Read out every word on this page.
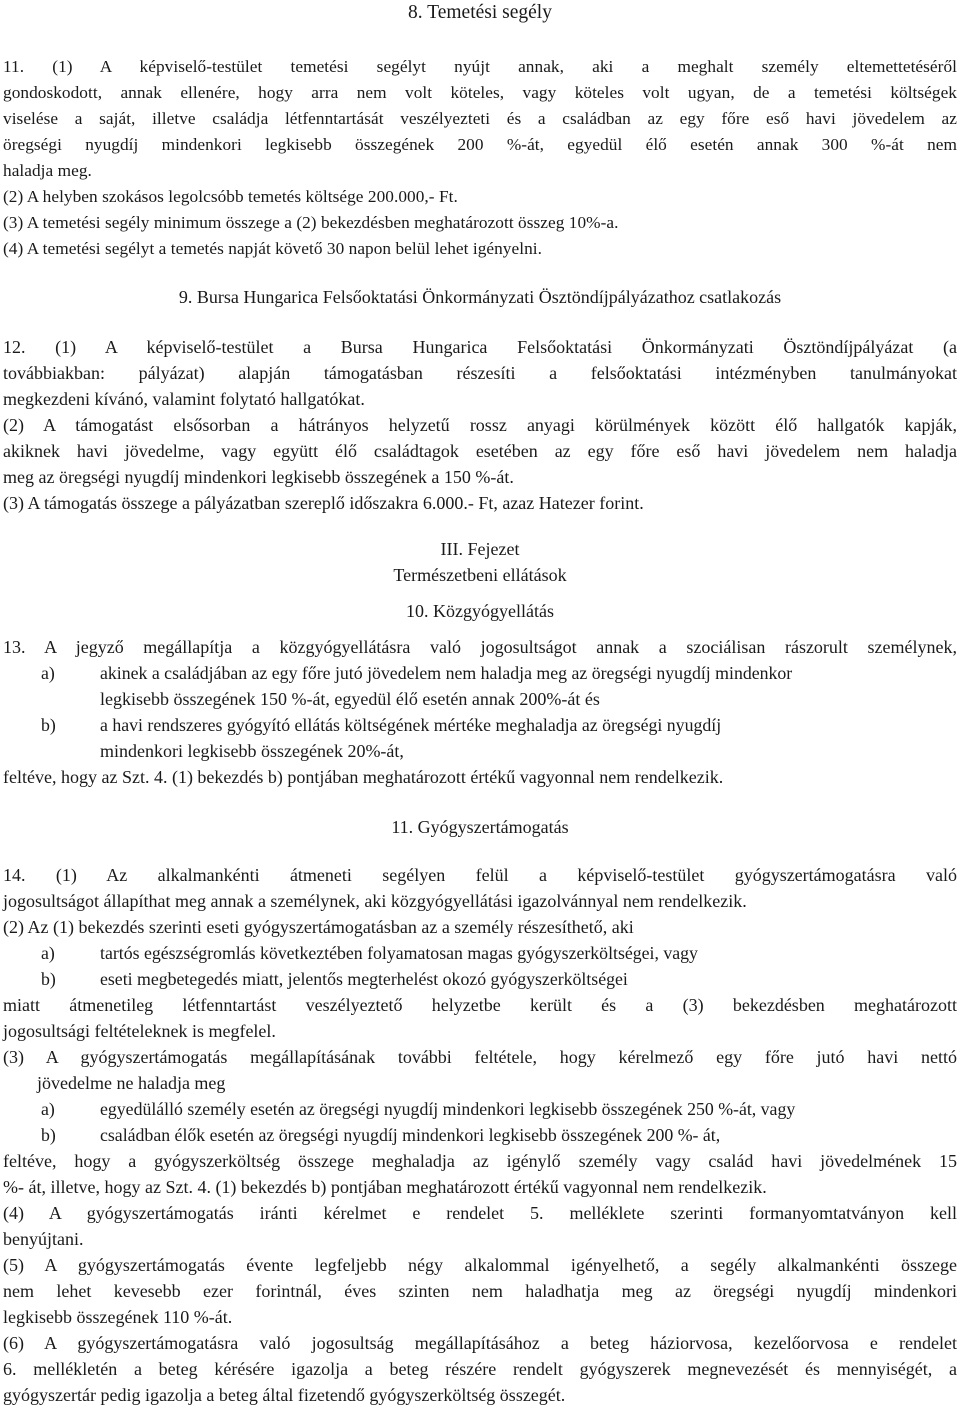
8. Temetési segély
11. (1) A képviselő-testület temetési segélyt nyújt annak, aki a meghalt személy eltemettetéséről
gondoskodott, annak ellenére, hogy arra nem volt köteles, vagy köteles volt ugyan, de a temetési költségek
viselése a saját, illetve családja létfenntartását veszélyezteti és a családban az egy főre eső havi jövedelem az
öregségi nyugdíj mindenkori legkisebb összegének 200 %-át, egyedül élő esetén annak 300 %-át nem
haladja meg.
(2) A helyben szokásos legolcsóbb temetés költsége 200.000,- Ft.
(3) A temetési segély minimum összege a (2) bekezdésben meghatározott összeg 10%-a.
(4) A temetési segélyt a temetés napját követő 30 napon belül lehet igényelni.
9. Bursa Hungarica Felsőoktatási Önkormányzati Ösztöndíjpályázathoz csatlakozás
12. (1) A képviselő-testület a Bursa Hungarica Felsőoktatási Önkormányzati Ösztöndíjpályázat (a
továbbiakban: pályázat) alapján támogatásban részesíti a felsőoktatási intézményben tanulmányokat
megkezdeni kívánó, valamint folytató hallgatókat.
(2) A támogatást elsősorban a hátrányos helyzetű rossz anyagi körülmények között élő hallgatók kapják,
akiknek havi jövedelme, vagy együtt élő családtagok esetében az egy főre eső havi jövedelem nem haladja
meg az öregségi nyugdíj mindenkori legkisebb összegének a 150 %-át.
(3) A támogatás összege a pályázatban szereplő időszakra 6.000.- Ft, azaz Hatezer forint.
III. Fejezet
Természetbeni ellátások
10. Közgyógyellátás
13. A jegyző megállapítja a közgyógyellátásra való jogosultságot annak a szociálisan rászorult személynek,
a)	akinek a családjában az egy főre jutó jövedelem nem haladja meg az öregségi nyugdíj mindenkor
legkisebb összegének 150 %-át, egyedül élő esetén annak 200%-át és
b)	a havi rendszeres gyógyító ellátás költségének mértéke meghaladja az öregségi nyugdíj
mindenkori legkisebb összegének 20%-át,
feltéve, hogy az Szt. 4. (1) bekezdés b) pontjában meghatározott értékű vagyonnal nem rendelkezik.
11. Gyógyszertámogatás
14. (1) Az alkalmankénti átmeneti segélyen felül a képviselő-testület gyógyszertámogatásra való
jogosultságot állapíthat meg annak a személynek, aki közgyógyellátási igazolvánnyal nem rendelkezik.
(2) Az (1) bekezdés szerinti eseti gyógyszertámogatásban az a személy részesíthető, aki
a)	tartós egészségromlás következtében folyamatosan magas gyógyszerköltségei, vagy
b)	eseti megbetegedés miatt, jelentős megterhelést okozó gyógyszerköltségei
miatt átmenetileg létfenntartást veszélyeztető helyzetbe került és a (3) bekezdésben meghatározott
jogosultsági feltételeknek is megfelel.
(3) A gyógyszertámogatás megállapításának további feltétele, hogy kérelmező egy főre jutó havi nettó
jövedelme ne haladja meg
a)	egyedülálló személy esetén az öregségi nyugdíj mindenkori legkisebb összegének 250 %-át, vagy
b)	családban élők esetén az öregségi nyugdíj mindenkori legkisebb összegének 200 %- át,
feltéve, hogy a gyógyszerköltség összege meghaladja az igénylő személy vagy család havi jövedelmének 15
%- át, illetve, hogy az Szt. 4. (1) bekezdés b) pontjában meghatározott értékű vagyonnal nem rendelkezik.
(4) A gyógyszertámogatás iránti kérelmet e rendelet 5. melléklete szerinti formanyomtatványon kell
benyújtani.
(5) A gyógyszertámogatás évente legfeljebb négy alkalommal igényelhető, a segély alkalmankénti összege
nem lehet kevesebb ezer forintnál, éves szinten nem haladhatja meg az öregségi nyugdíj mindenkori
legkisebb összegének 110 %-át.
(6) A gyógyszertámogatásra való jogosultság megállapításához a beteg háziorvosa, kezelőorvosa e rendelet
6. mellékletén a beteg kérésére igazolja a beteg részére rendelt gyógyszerek megnevezését és mennyiségét, a
gyógyszertár pedig igazolja a beteg által fizetendő gyógyszerköltség összegét.
